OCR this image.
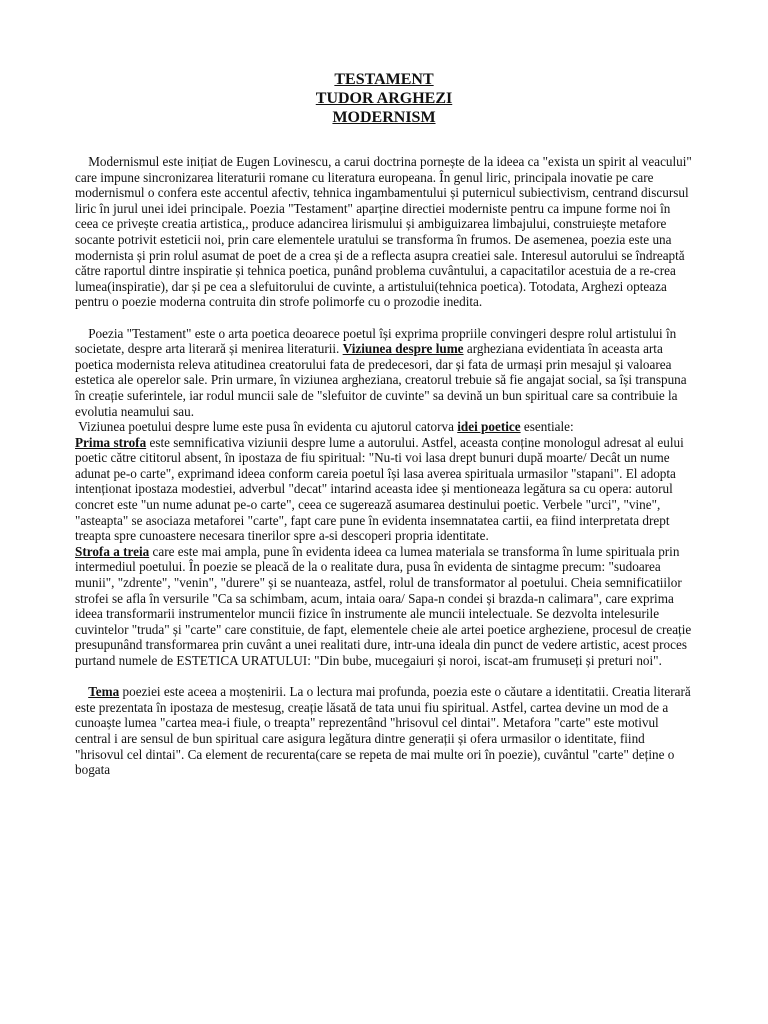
TESTAMENT
TUDOR ARGHEZI
MODERNISM

Modernismul este inițiat de Eugen Lovinescu, a carui doctrina pornește de la ideea ca "exista un spirit al veacului" care impune sincronizarea literaturii romane cu literatura europeana. În genul liric, principala inovatie pe care modernismul o confera este accentul afectiv, tehnica ingambamentului și puternicul subiectivism, centrand discursul liric în jurul unei idei principale. Poezia "Testament" aparține directiei moderniste pentru ca impune forme noi în ceea ce privește creatia artistica,, produce adancirea lirismului și ambiguizarea limbajului, construiește metafore socante potrivit esteticii noi, prin care elementele uratului se transforma în frumos. De asemenea, poezia este una modernista și prin rolul asumat de poet de a crea și de a reflecta asupra creatiei sale. Interesul autorului se îndreaptă către raportul dintre inspiratie și tehnica poetica, punând problema cuvântului, a capacitatilor acestuia de a re-crea lumea(inspiratie), dar și pe cea a slefuitorului de cuvinte, a artistului(tehnica poetica). Totodata, Arghezi opteaza pentru o poezie moderna contruita din strofe polimorfe cu o prozodie inedita.

Poezia "Testament" este o arta poetica deoarece poetul își exprima propriile convingeri despre rolul artistului în societate, despre arta literară și menirea literaturii. Viziunea despre lume argheziana evidentiata în aceasta arta poetica modernista releva atitudinea creatorului fata de predecesori, dar și fata de urmași prin mesajul și valoarea estetica ale operelor sale. Prin urmare, în viziunea argheziana, creatorul trebuie să fie angajat social, sa își transpuna în creație suferintele, iar rodul muncii sale de "slefuitor de cuvinte" sa devină un bun spiritual care sa contribuie la evolutia neamului sau.

Viziunea poetului despre lume este pusa în evidenta cu ajutorul catorva idei poetice esentiale:

Prima strofa este semnificativa viziunii despre lume a autorului. Astfel, aceasta conține monologul adresat al eului poetic către cititorul absent, în ipostaza de fiu spiritual: "Nu-ti voi lasa drept bunuri după moarte/ Decât un nume adunat pe-o carte", exprimand ideea conform careia poetul își lasa averea spirituala urmasilor "stapani". El adopta intenționat ipostaza modestiei, adverbul "decat" intarind aceasta idee și mentioneaza legătura sa cu opera: autorul concret este "un nume adunat pe-o carte", ceea ce sugerează asumarea destinului poetic. Verbele "urci", "vine", "asteapta" se asociaza metaforei "carte", fapt care pune în evidenta insemnatatea cartii, ea fiind interpretata drept treapta spre cunoastere necesara tinerilor spre a-si descoperi propria identitate.

Strofa a treia care este mai ampla, pune în evidenta ideea ca lumea materiala se transforma în lume spirituala prin intermediul poetului. În poezie se pleacă de la o realitate dura, pusa în evidenta de sintagme precum: "sudoarea munii", "zdrente", "venin", "durere" și se nuanteaza, astfel, rolul de transformator al poetului. Cheia semnificatiilor strofei se afla în versurile "Ca sa schimbam, acum, intaia oara/ Sapa-n condei și brazda-n calimara", care exprima ideea transformarii instrumentelor muncii fizice în instrumente ale muncii intelectuale. Se dezvolta intelesurile cuvintelor "truda" și "carte" care constituie, de fapt, elementele cheie ale artei poetice argheziene, procesul de creație presupunând transformarea prin cuvânt a unei realitati dure, intr-una ideala din punct de vedere artistic, acest proces purtand numele de ESTETICA URATULUI: "Din bube, mucegaiuri și noroi, iscat-am frumuseți și preturi noi".

Tema poeziei este aceea a moștenirii. La o lectura mai profunda, poezia este o căutare a identitatii. Creatia literară este prezentata în ipostaza de mestesug, creație lăsată de tata unui fiu spiritual. Astfel, cartea devine un mod de a cunoaște lumea "cartea mea-i fiule, o treapta" reprezentând "hrisovul cel dintai". Metafora "carte" este motivul central i are sensul de bun spiritual care asigura legătura dintre generații și ofera urmasilor o identitate, fiind "hrisovul cel dintai". Ca element de recurenta(care se repeta de mai multe ori în poezie), cuvântul "carte" deține o bogata
